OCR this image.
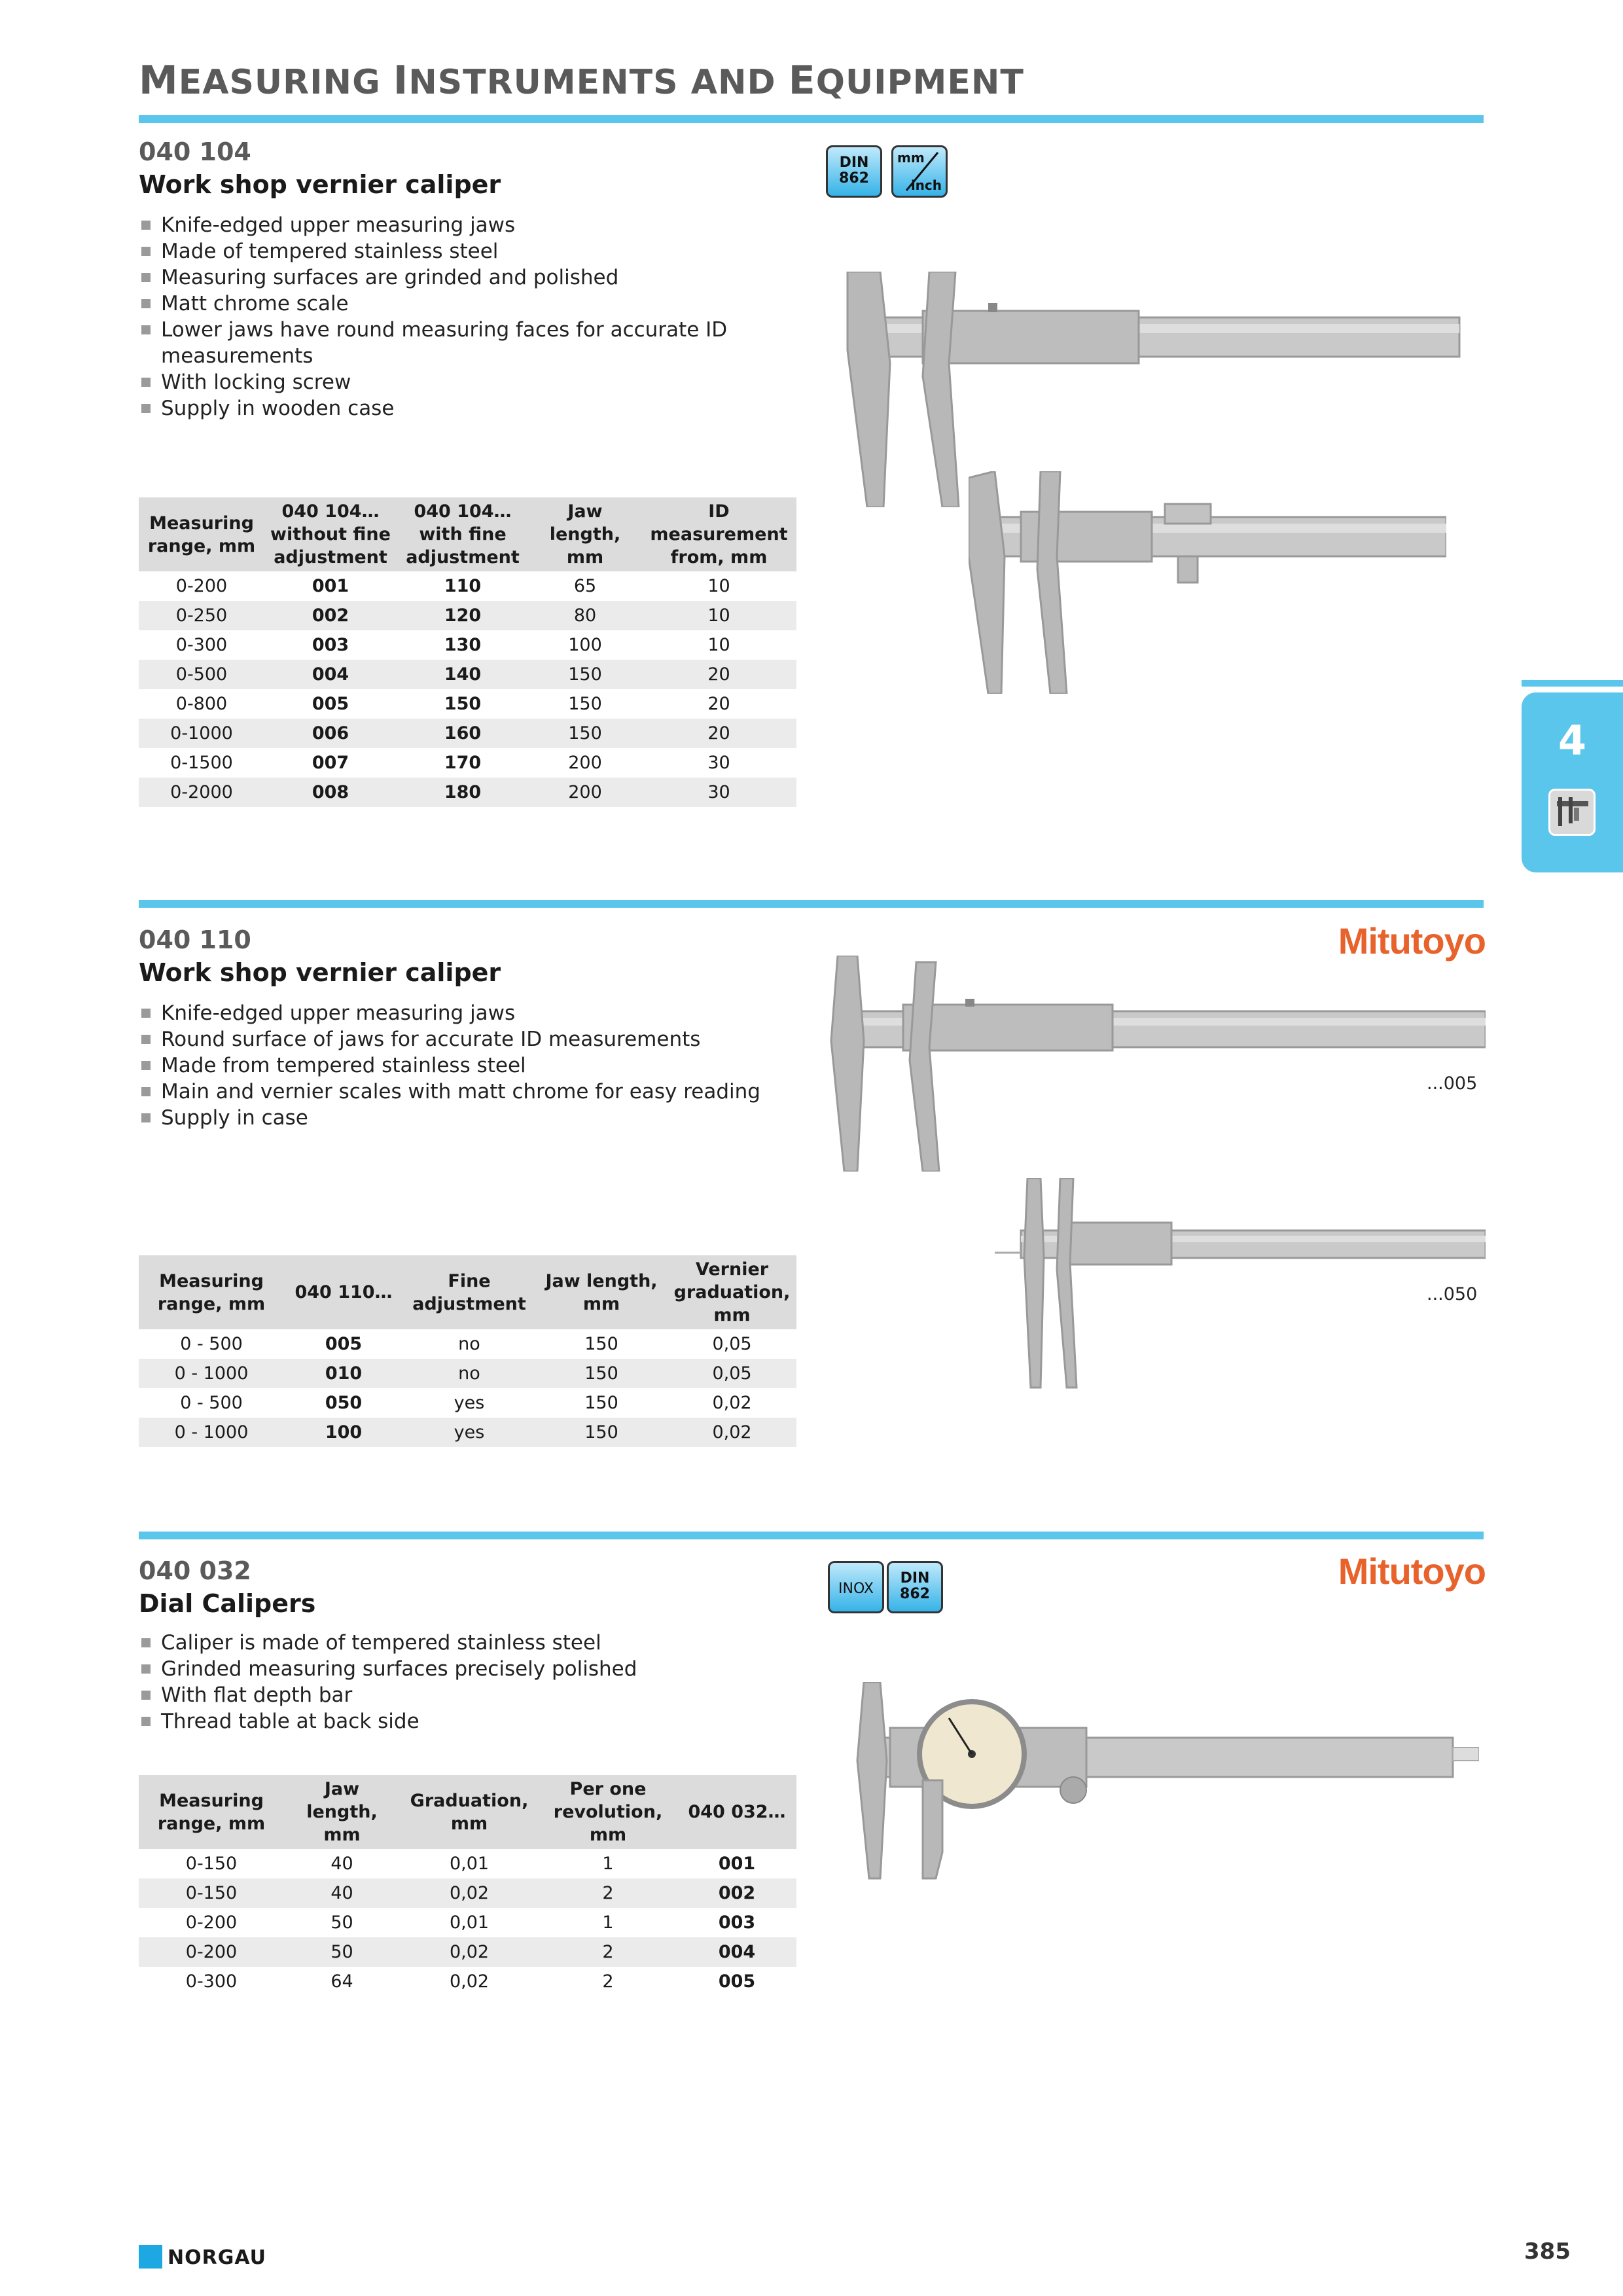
MEASURING INSTRUMENTS AND EQUIPMENT
4
040 104
Work shop vernier caliper
DIN
862
mm
inch
Knife-edged upper measuring jaws
Made of tempered stainless steel
Measuring surfaces are grinded and polished
Matt chrome scale
Lower jaws have round measuring faces for accurate ID measurements
With locking screw
Supply in wooden case
Measuring range, mm	040 104… without fine adjustment	040 104… with fine adjustment	Jaw length, mm	ID measurement from, mm
0-200	001	110	65	10
0-250	002	120	80	10
0-300	003	130	100	10
0-500	004	140	150	20
0-800	005	150	150	20
0-1000	006	160	150	20
0-1500	007	170	200	30
0-2000	008	180	200	30
040 110
Work shop vernier caliper
Mitutoyo
Knife-edged upper measuring jaws
Round surface of jaws for accurate ID measurements
Made from tempered stainless steel
Main and vernier scales with matt chrome for easy reading
Supply in case
...005
...050
Measuring range, mm	040 110…	Fine adjustment	Jaw length, mm	Vernier graduation, mm
0 - 500	005	no	150	0,05
0 - 1000	010	no	150	0,05
0 - 500	050	yes	150	0,02
0 - 1000	100	yes	150	0,02
040 032
Dial Calipers
Mitutoyo
INOX
DIN
862
Caliper is made of tempered stainless steel
Grinded measuring surfaces precisely polished
With flat depth bar
Thread table at back side
Measuring range, mm	Jaw length, mm	Graduation, mm	Per one revolution, mm	040 032…
0-150	40	0,01	1	001
0-150	40	0,02	2	002
0-200	50	0,01	1	003
0-200	50	0,02	2	004
0-300	64	0,02	2	005
NORGAU	385
